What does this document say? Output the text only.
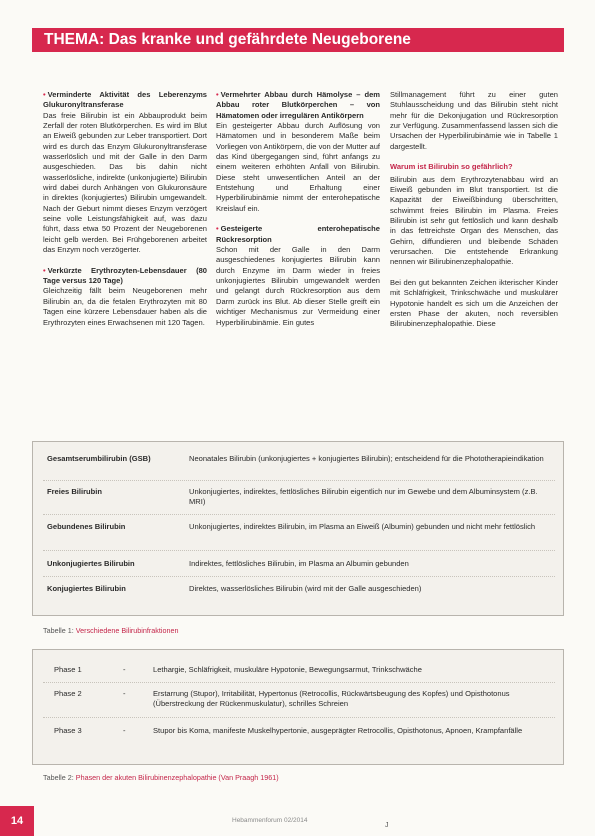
THEMA: Das kranke und gefährdete Neugeborene

• Verminderte Aktivität des Leberenzyms Glukuronyltransferase
Das freie Bilirubin ist ein Abbauprodukt beim Zerfall der roten Blutkörperchen. Es wird im Blut an Eiweiß gebunden zur Leber transportiert. Dort wird es durch das Enzym Glukuronyltransferase wasserlöslich und mit der Galle in den Darm ausgeschieden. Das bis dahin nicht wasserlösliche, indirekte (unkonjugierte) Bilirubin wird dabei durch Anhängen von Glukuronsäure in direktes (konjugiertes) Bilirubin umgewandelt. Nach der Geburt nimmt dieses Enzym verzögert seine volle Leistungsfähigkeit auf, was dazu führt, dass etwa 50 Prozent der Neugeborenen leicht gelb werden. Bei Frühgeborenen arbeitet das Enzym noch verzögerter.

• Verkürzte Erythrozyten-Lebensdauer (80 Tage versus 120 Tage)
Gleichzeitig fällt beim Neugeborenen mehr Bilirubin an, da die fetalen Erythrozyten mit 80 Tagen eine kürzere Lebensdauer haben als die Erythrozyten eines Erwachsenen mit 120 Tagen.

• Vermehrter Abbau durch Hämolyse – dem Abbau roter Blutkörperchen – von Hämatomen oder irregulären Antikörpern
Ein gesteigerter Abbau durch Auflösung von Hämatomen und in besonderem Maße beim Vorliegen von Antikörpern, die von der Mutter auf das Kind übergegangen sind, führt anfangs zu einem weiteren erhöhten Anfall von Bilirubin. Diese steht unwesentlichen Anteil an der Entstehung und Erhaltung einer Hyperbilirubinämie nimmt der enterohepatische Kreislauf ein.

• Gesteigerte enterohepatische Rückresorption
Schon mit der Galle in den Darm ausgeschiedenes konjugiertes Bilirubin kann durch Enzyme im Darm wieder in freies unkonjugiertes Bilirubin umgewandelt werden und gelangt durch Rückresorption aus dem Darm zurück ins Blut. Ab dieser Stelle greift ein wichtiger Mechanismus zur Vermeidung einer Hyperbilirubinämie. Ein gutes

Stillmanagement führt zu einer guten Stuhlausscheidung und das Bilirubin steht nicht mehr für die Dekonjugation und Rückresorption zur Verfügung. Zusammenfassend lassen sich die Ursachen der Hyperbilirubinämie wie in Tabelle 1 dargestellt.

Warum ist Bilirubin so gefährlich?
Bilirubin aus dem Erythrozytenabbau wird an Eiweiß gebunden im Blut transportiert. Ist die Kapazität der Eiweißbindung überschritten, schwimmt freies Bilirubin im Plasma. Freies Bilirubin ist sehr gut fettlöslich und kann deshalb in das fettreichste Organ des Menschen, das Gehirn, diffundieren und bleibende Schäden verursachen. Die entstehende Erkrankung nennen wir Bilirubinenzephalopathie.

Bei den gut bekannten Zeichen ikterischer Kinder mit Schläfrigkeit, Trinkschwäche und muskulärer Hypotonie handelt es sich um die Anzeichen der ersten Phase der akuten, noch reversiblen Bilirubinenzephalopathie. Diese

Gesamtserumbilirubin (GSB)	Neonatales Bilirubin (unkonjugiertes + konjugiertes Bilirubin); entscheidend für die Phototherapieindikation
Freies Bilirubin	Unkonjugiertes, indirektes, fettlösliches Bilirubin eigentlich nur im Gewebe und dem Albuminsystem (z.B. MRI)
Gebundenes Bilirubin	Unkonjugiertes, indirektes Bilirubin, im Plasma an Eiweiß (Albumin) gebunden und nicht mehr fettlöslich
Unkonjugiertes Bilirubin	Indirektes, fettlösliches Bilirubin, im Plasma an Albumin gebunden
Konjugiertes Bilirubin	Direktes, wasserlösliches Bilirubin (wird mit der Galle ausgeschieden)
Tabelle 1: Verschiedene Bilirubinfraktionen
Phase 1	-	Lethargie, Schläfrigkeit, muskuläre Hypotonie, Bewegungsarmut, Trinkschwäche
Phase 2	-	Erstarrung (Stupor), Irritabilität, Hypertonus (Retrocollis, Rückwärtsbeugung des Kopfes) und Opisthotonus (Überstreckung der Rückenmuskulatur), schrilles Schreien
Phase 3	-	Stupor bis Koma, manifeste Muskelhypertonie, ausgeprägter Retrocollis, Opisthotonus, Apnoen, Krampfanfälle
Tabelle 2: Phasen der akuten Bilirubinenzephalopathie (Van Praagh 1961)
14	Hebammenforum 02/2014
J
